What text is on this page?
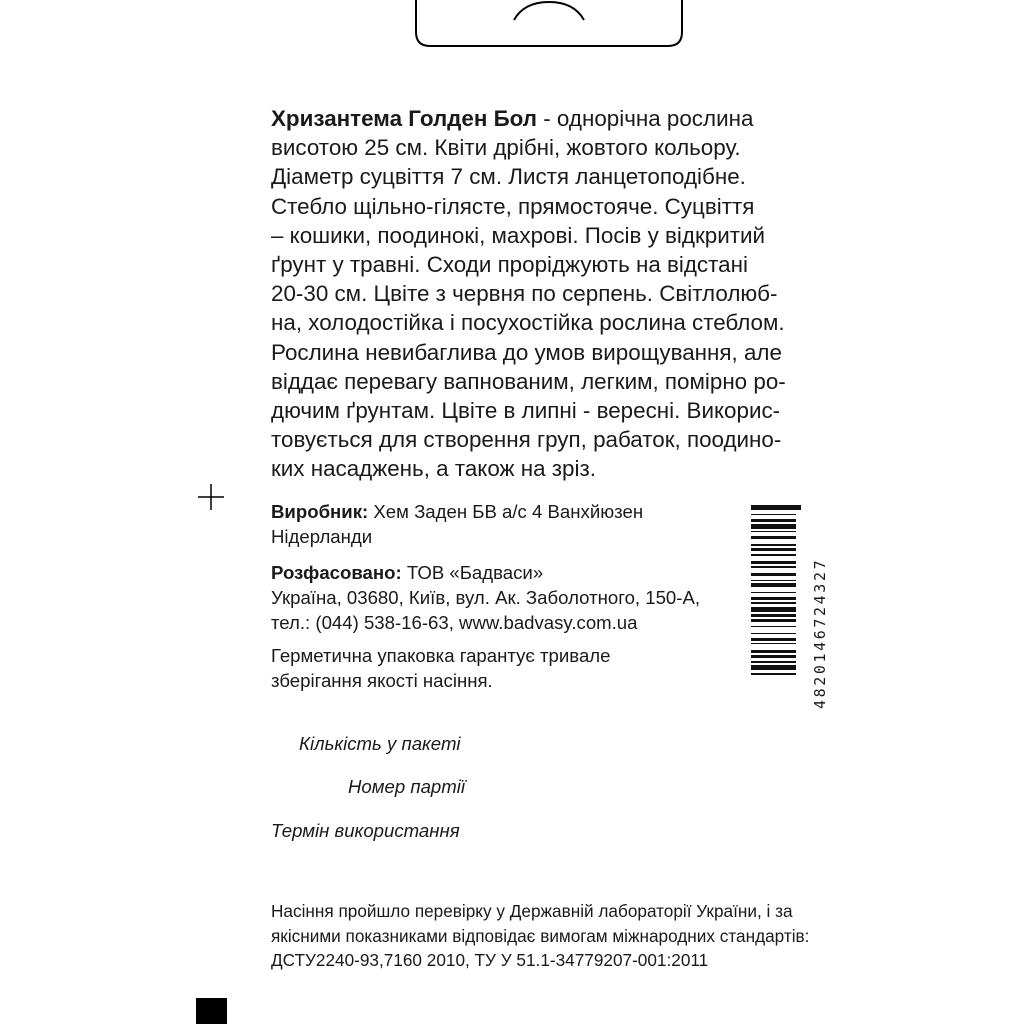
Хризантема Голден Бол - однорічна рослина
висотою 25 см. Квіти дрібні, жовтого кольору.
Діаметр суцвіття 7 см. Листя ланцетоподібне.
Стебло щільно-гілясте, прямостояче. Суцвіття
– кошики, поодинокі, махрові. Посів у відкритий
ґрунт у травні. Сходи проріджують на відстані
20-30 см. Цвіте з червня по серпень. Світлолюб-
на, холодостійка і посухостійка рослина стеблом.
Рослина невибаглива до умов вирощування, але
віддає перевагу вапнованим, легким, помірно ро-
дючим ґрунтам. Цвіте в липні - вересні. Викорис-
товується для створення груп, рабаток, поодино-
ких насаджень, а також на зріз.

Виробник: Хем Заден БВ а/с 4 Ванхйюзен
Нідерланди
Розфасовано: ТОВ «Бадваси»
Україна, 03680, Київ, вул. Ак. Заболотного, 150-А,
тел.: (044) 538-16-63, www.badvasy.com.ua
Герметична упаковка гарантує тривале
зберігання якості насіння.	4820146724327
Кількість у пакеті
Номер партії
Термін використання
Насіння пройшло перевірку у Державній лабораторії України, і за
якісними показниками відповідає вимогам міжнародних стандартів:
ДСТУ2240-93,7160 2010, ТУ У 51.1-34779207-001:2011
